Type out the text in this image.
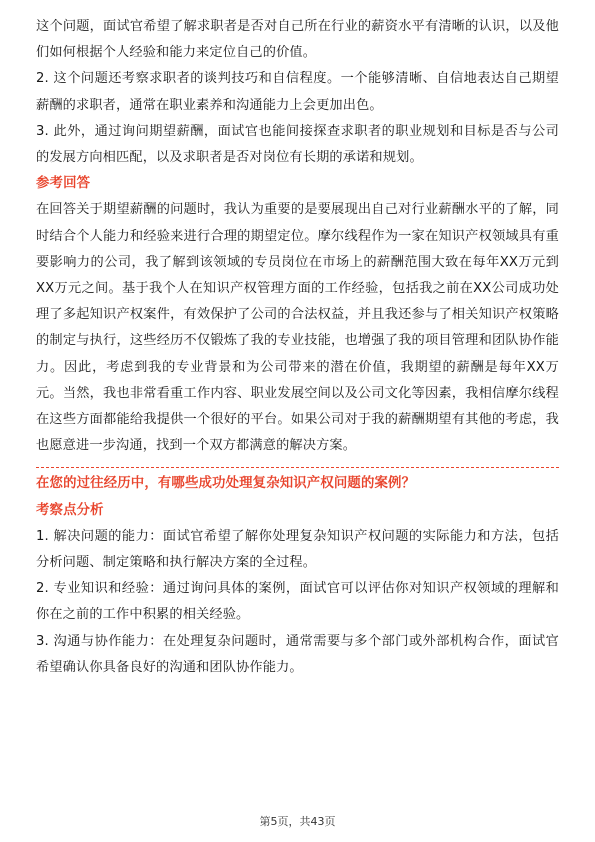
这个问题，面试官希望了解求职者是否对自己所在行业的薪资水平有清晰的认识，以及他们如何根据个人经验和能力来定位自己的价值。

2. 这个问题还考察求职者的谈判技巧和自信程度。一个能够清晰、自信地表达自己期望薪酬的求职者，通常在职业素养和沟通能力上会更加出色。

3. 此外，通过询问期望薪酬，面试官也能间接探查求职者的职业规划和目标是否与公司的发展方向相匹配，以及求职者是否对岗位有长期的承诺和规划。

参考回答

在回答关于期望薪酬的问题时，我认为重要的是要展现出自己对行业薪酬水平的了解，同时结合个人能力和经验来进行合理的期望定位。摩尔线程作为一家在知识产权领域具有重要影响力的公司，我了解到该领域的专员岗位在市场上的薪酬范围大致在每年XX万元到XX万元之间。基于我个人在知识产权管理方面的工作经验，包括我之前在XX公司成功处理了多起知识产权案件，有效保护了公司的合法权益，并且我还参与了相关知识产权策略的制定与执行，这些经历不仅锻炼了我的专业技能，也增强了我的项目管理和团队协作能力。因此，考虑到我的专业背景和为公司带来的潜在价值，我期望的薪酬是每年XX万元。当然，我也非常看重工作内容、职业发展空间以及公司文化等因素，我相信摩尔线程在这些方面都能给我提供一个很好的平台。如果公司对于我的薪酬期望有其他的考虑，我也愿意进一步沟通，找到一个双方都满意的解决方案。

在您的过往经历中，有哪些成功处理复杂知识产权问题的案例？

考察点分析

1. 解决问题的能力：面试官希望了解你处理复杂知识产权问题的实际能力和方法，包括分析问题、制定策略和执行解决方案的全过程。

2. 专业知识和经验：通过询问具体的案例，面试官可以评估你对知识产权领域的理解和你在之前的工作中积累的相关经验。

3. 沟通与协作能力：在处理复杂问题时，通常需要与多个部门或外部机构合作，面试官希望确认你具备良好的沟通和团队协作能力。

第5页，共43页
